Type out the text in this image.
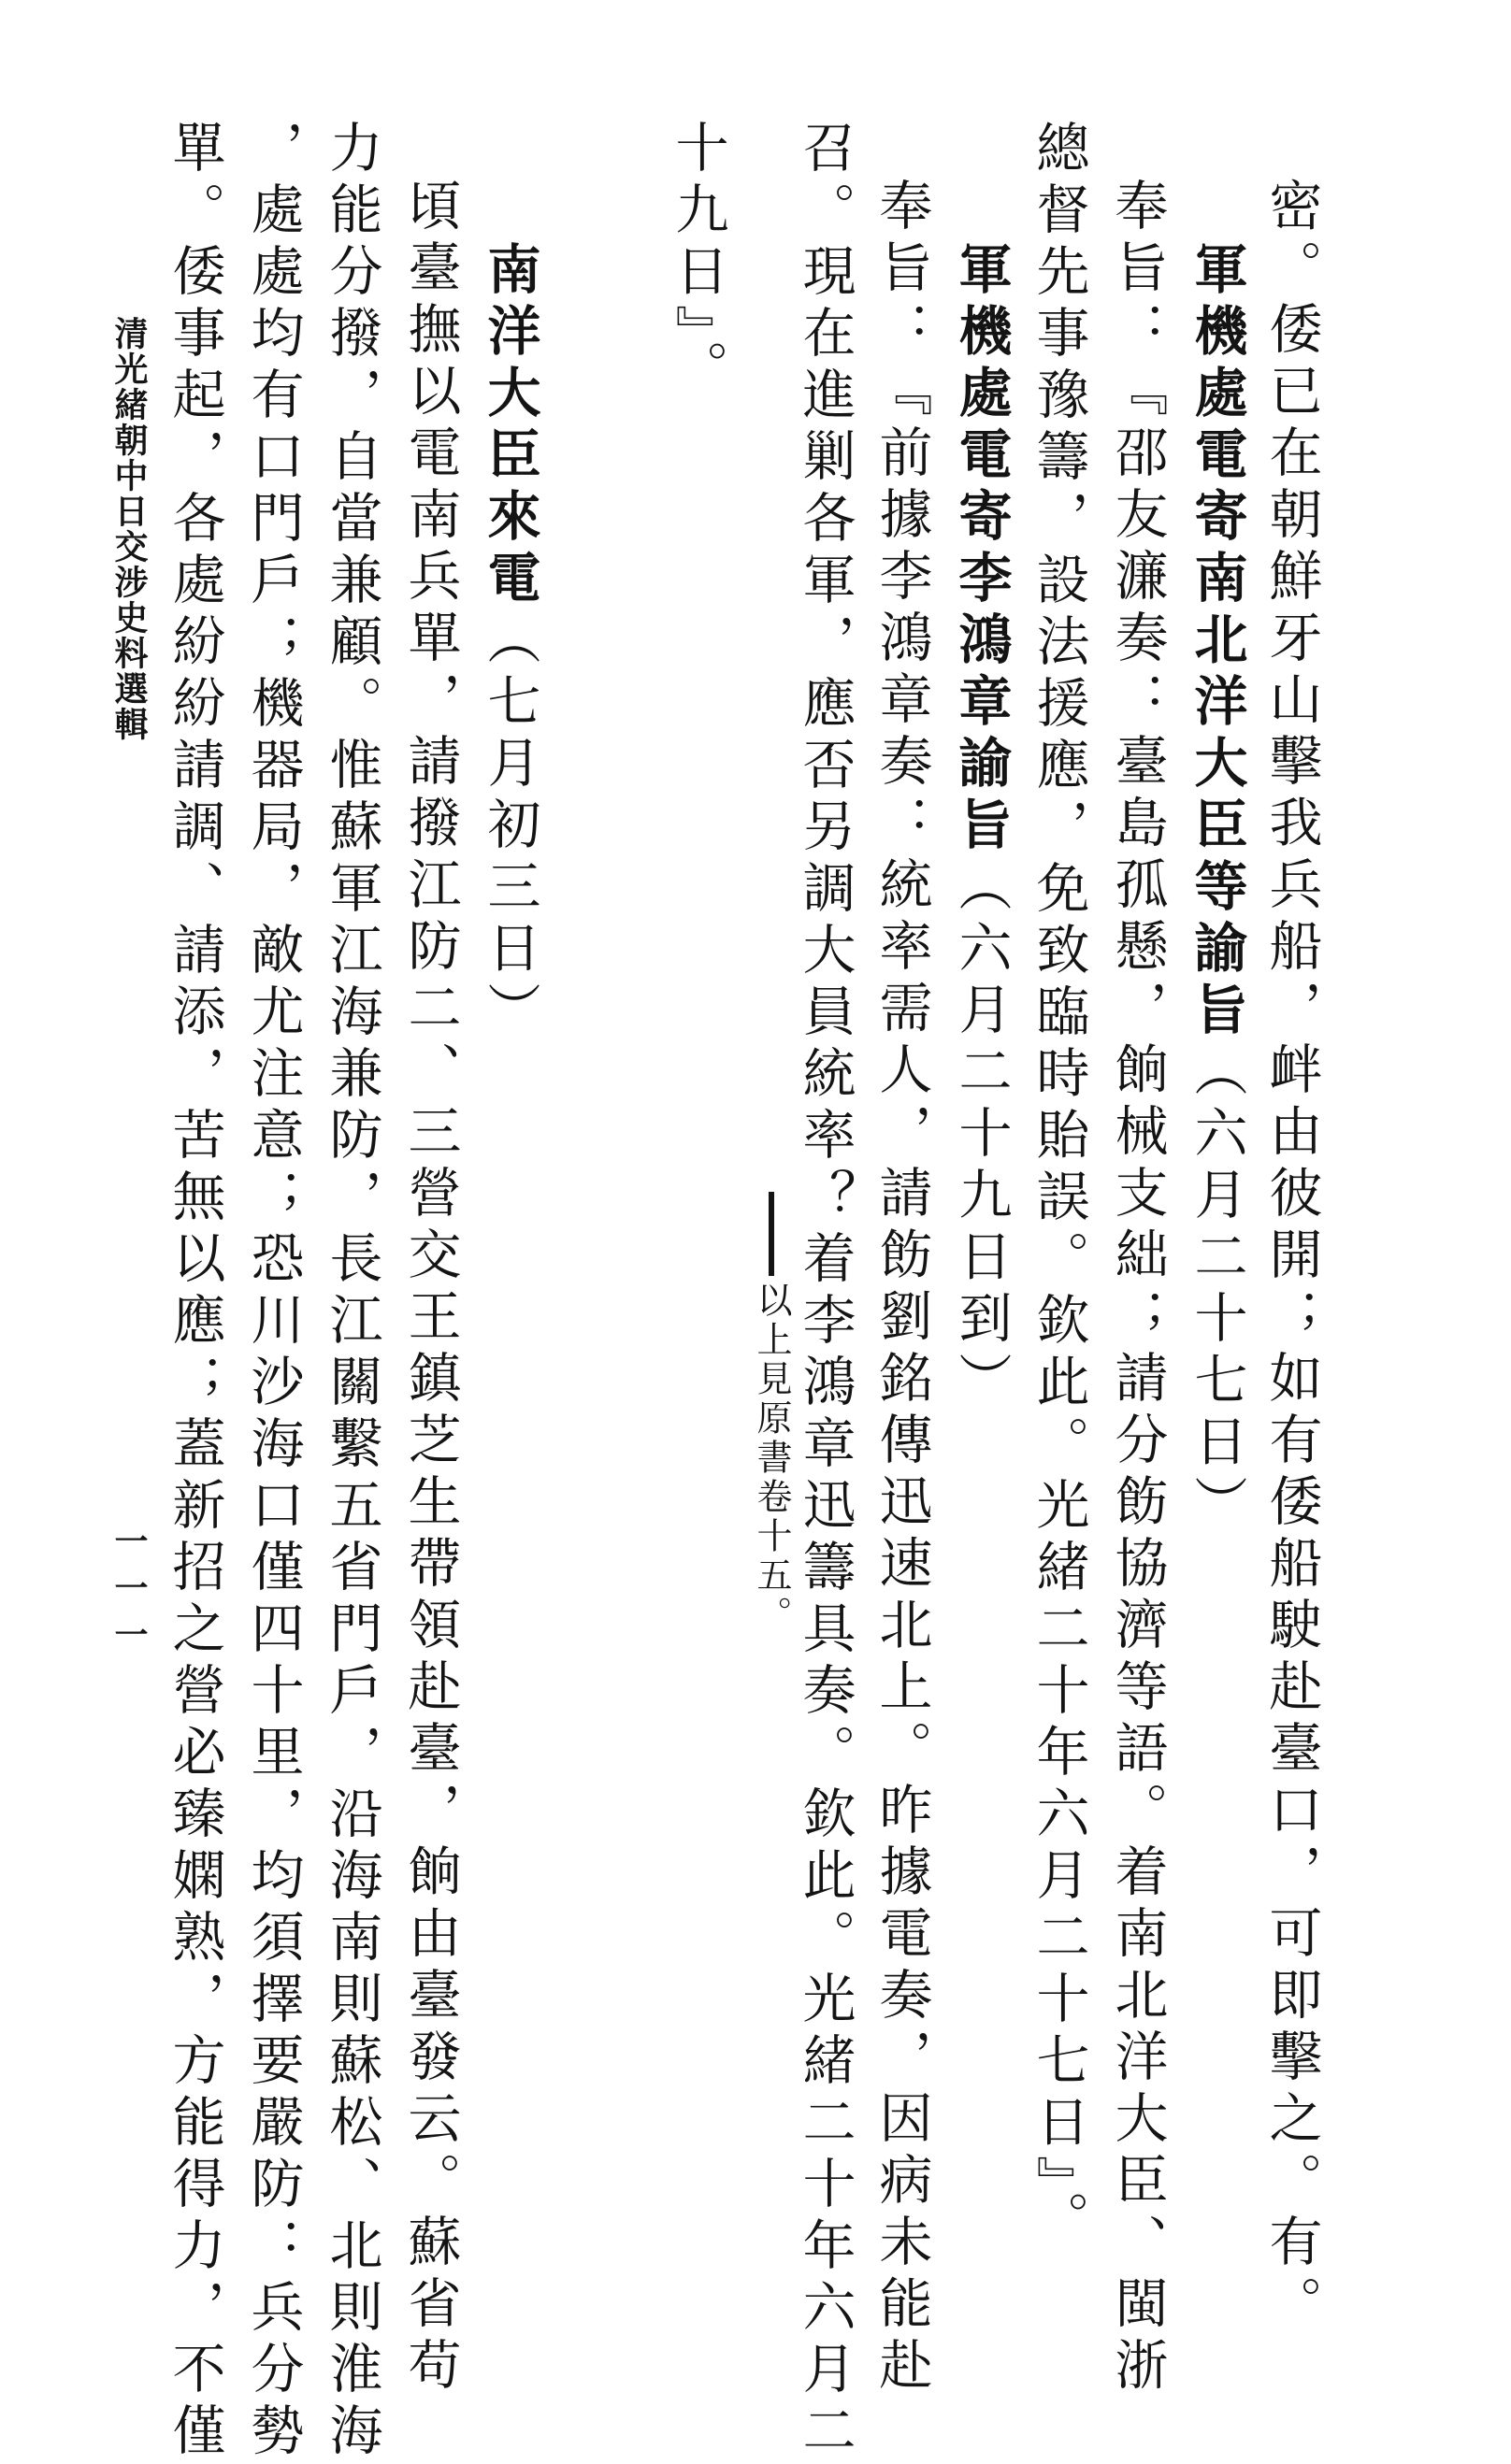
密。倭已在朝鮮牙山擊我兵船，衅由彼開；如有倭船駛赴臺口，可即擊之。有。
軍機處電寄南北洋大臣等諭旨（六月二十七日）
奉旨：『邵友濂奏：臺島孤懸，餉械支絀；請分飭協濟等語。着南北洋大臣、閩浙
總督先事豫籌，設法援應，免致臨時貽誤。欽此。光緒二十年六月二十七日』。
軍機處電寄李鴻章諭旨（六月二十九日到）
奉旨：『前據李鴻章奏：統率需人，請飭劉銘傳迅速北上。昨據電奏，因病未能赴
召。現在進剿各軍，應否另調大員統率？着李鴻章迅籌具奏。欽此。光緒二十年六月二
以上見原書卷十五。
十九日』。
南洋大臣來電（七月初三日）
頃臺撫以電南兵單，請撥江防二、三營交王鎮芝生帶領赴臺，餉由臺發云。蘇省苟
力能分撥，自當兼顧。惟蘇軍江海兼防，長江關繫五省門戶，沿海南則蘇松、北則淮海
，處處均有口門戶；機器局，敵尤注意；恐川沙海口僅四十里，均須擇要嚴防：兵分勢
單。倭事起，各處紛紛請調、請添，苦無以應；蓋新招之營必臻嫻熟，方能得力，不僅
清光緒朝中日交涉史料選輯
一一一
